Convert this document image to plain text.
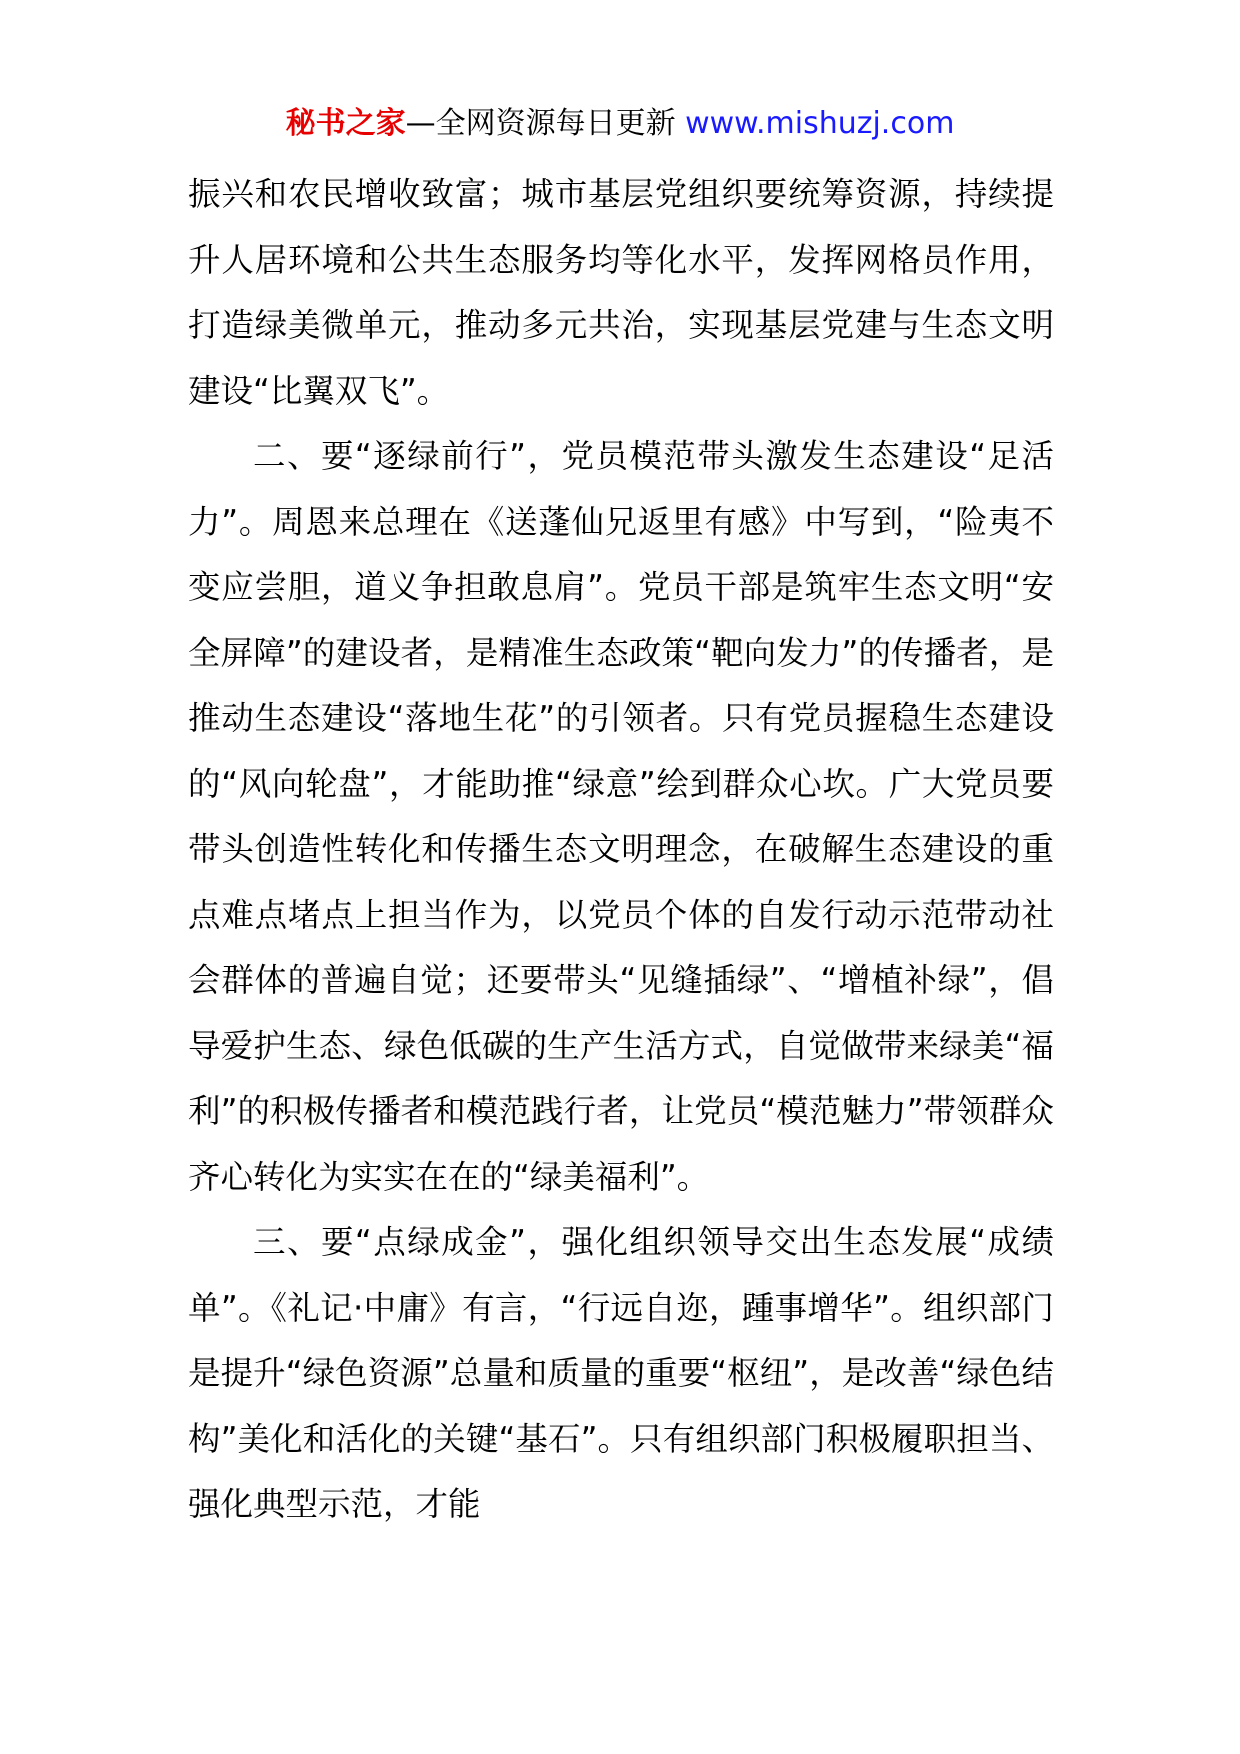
秘书之家—全网资源每日更新 www.mishuzj.com

振兴和农民增收致富；城市基层党组织要统筹资源，持续提升人居环境和公共生态服务均等化水平，发挥网格员作用，打造绿美微单元，推动多元共治，实现基层党建与生态文明建设“比翼双飞”。

二、要“逐绿前行”，党员模范带头激发生态建设“足活力”。周恩来总理在《送蓬仙兄返里有感》中写到，“险夷不变应尝胆，道义争担敢息肩”。党员干部是筑牢生态文明“安全屏障”的建设者，是精准生态政策“靶向发力”的传播者，是推动生态建设“落地生花”的引领者。只有党员握稳生态建设的“风向轮盘”，才能助推“绿意”绘到群众心坎。广大党员要带头创造性转化和传播生态文明理念，在破解生态建设的重点难点堵点上担当作为，以党员个体的自发行动示范带动社会群体的普遍自觉；还要带头“见缝插绿”、“增植补绿”，倡导爱护生态、绿色低碳的生产生活方式，自觉做带来绿美“福利”的积极传播者和模范践行者，让党员“模范魅力”带领群众齐心转化为实实在在的“绿美福利”。

三、要“点绿成金”，强化组织领导交出生态发展“成绩单”。《礼记·中庸》有言，“行远自迩，踵事增华”。组织部门是提升“绿色资源”总量和质量的重要“枢纽”，是改善“绿色结构”美化和活化的关键“基石”。只有组织部门积极履职担当、强化典型示范，才能
